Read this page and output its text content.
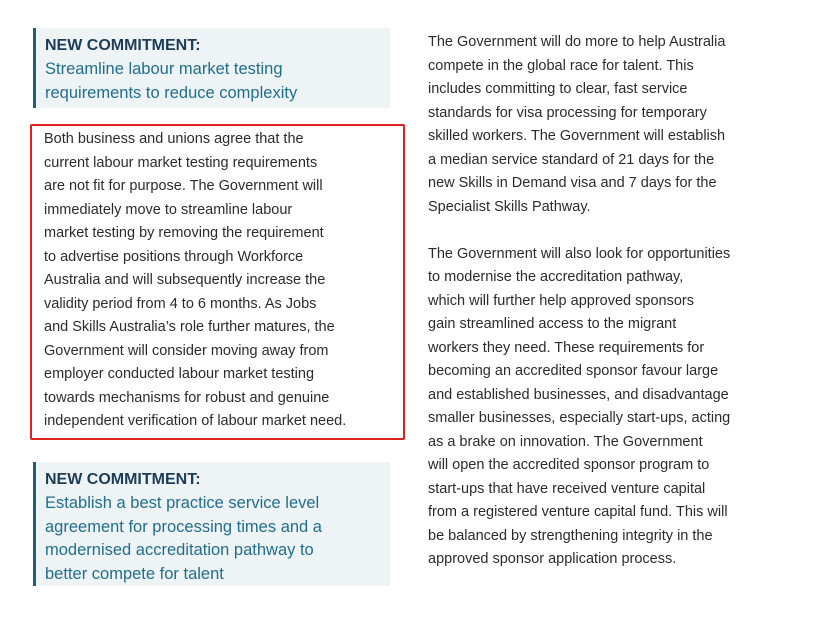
NEW COMMITMENT:
Streamline labour market testing
requirements to reduce complexity
Both business and unions agree that the
current labour market testing requirements
are not fit for purpose. The Government will
immediately move to streamline labour
market testing by removing the requirement
to advertise positions through Workforce
Australia and will subsequently increase the
validity period from 4 to 6 months. As Jobs
and Skills Australia’s role further matures, the
Government will consider moving away from
employer conducted labour market testing
towards mechanisms for robust and genuine
independent verification of labour market need.
NEW COMMITMENT:
Establish a best practice service level
agreement for processing times and a
modernised accreditation pathway to
better compete for talent
The Government will do more to help Australia
compete in the global race for talent. This
includes committing to clear, fast service
standards for visa processing for temporary
skilled workers. The Government will establish
a median service standard of 21 days for the
new Skills in Demand visa and 7 days for the
Specialist Skills Pathway.
The Government will also look for opportunities
to modernise the accreditation pathway,
which will further help approved sponsors
gain streamlined access to the migrant
workers they need. These requirements for
becoming an accredited sponsor favour large
and established businesses, and disadvantage
smaller businesses, especially start-ups, acting
as a brake on innovation. The Government
will open the accredited sponsor program to
start-ups that have received venture capital
from a registered venture capital fund. This will
be balanced by strengthening integrity in the
approved sponsor application process.
